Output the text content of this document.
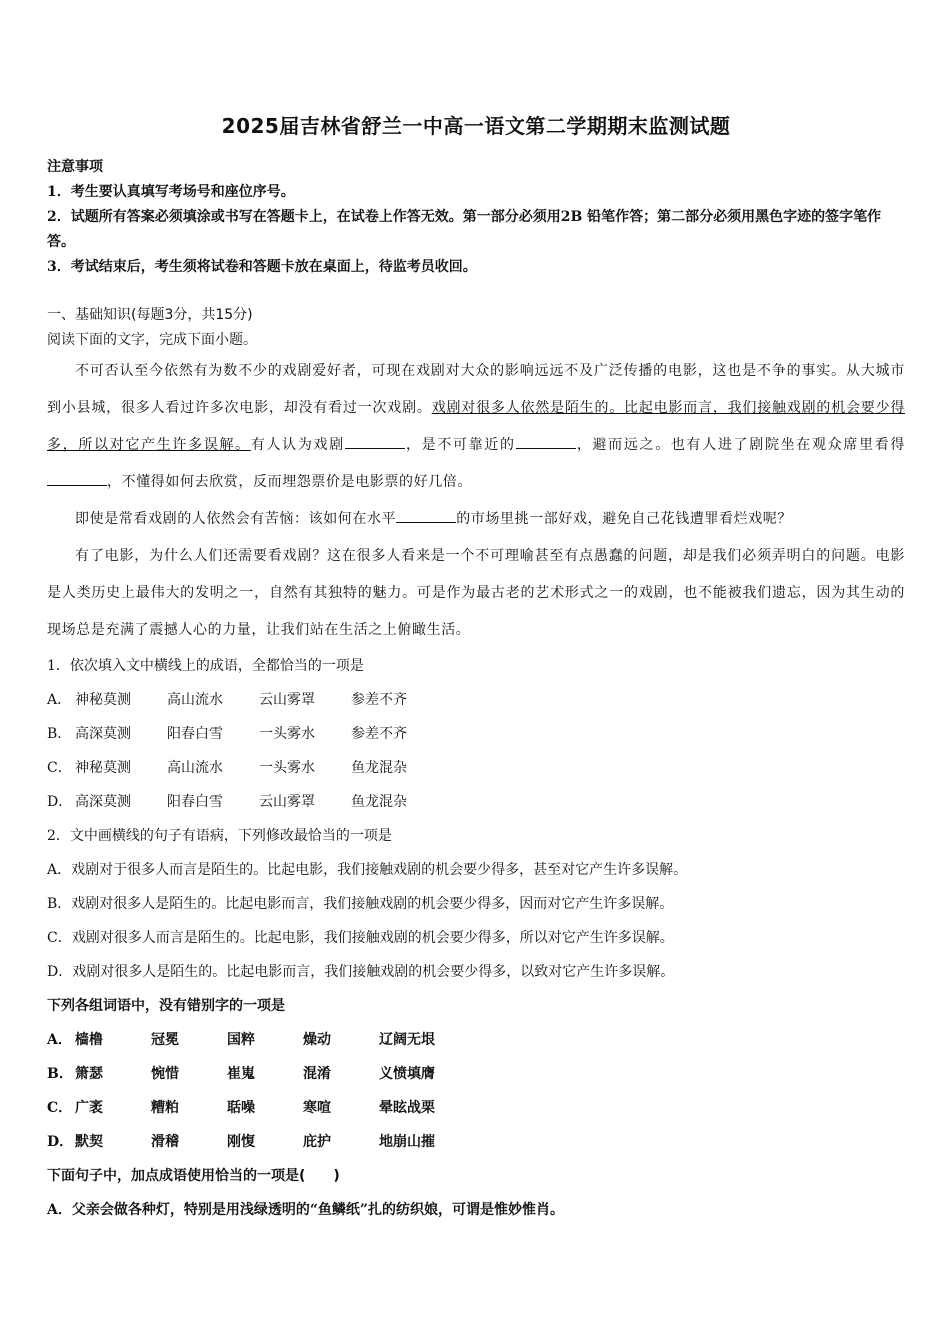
2025届吉林省舒兰一中高一语文第二学期期末监测试题
注意事项
1．考生要认真填写考场号和座位序号。
2．试题所有答案必须填涂或书写在答题卡上，在试卷上作答无效。第一部分必须用2B 铅笔作答；第二部分必须用黑色字迹的签字笔作答。
3．考试结束后，考生须将试卷和答题卡放在桌面上，待监考员收回。
一、基础知识(每题3分，共15分)
阅读下面的文字，完成下面小题。

不可否认至今依然有为数不少的戏剧爱好者，可现在戏剧对大众的影响远远不及广泛传播的电影，这也是不争的事实。从大城市到小县城，很多人看过许多次电影，却没有看过一次戏剧。戏剧对很多人依然是陌生的。比起电影而言，我们接触戏剧的机会要少得多，所以对它产生许多误解。有人认为戏剧	，是不可靠近的	，避而远之。也有人进了剧院坐在观众席里看得，不懂得如何去欣赏，反而埋怨票价是电影票的好几倍。

即使是常看戏剧的人依然会有苦恼：该如何在水平	的市场里挑一部好戏，避免自己花钱遭罪看烂戏呢？

有了电影，为什么人们还需要看戏剧？这在很多人看来是一个不可理喻甚至有点愚蠢的问题，却是我们必须弄明白的问题。电影是人类历史上最伟大的发明之一，自然有其独特的魅力。可是作为最古老的艺术形式之一的戏剧，也不能被我们遗忘，因为其生动的现场总是充满了震撼人心的力量，让我们站在生活之上俯瞰生活。

1．依次填入文中横线上的成语，全都恰当的一项是
A． 神秘莫测	高山流水	云山雾罩	参差不齐
B． 高深莫测	阳春白雪	一头雾水	参差不齐
C． 神秘莫测	高山流水	一头雾水	鱼龙混杂
D． 高深莫测	阳春白雪	云山雾罩	鱼龙混杂
2．文中画横线的句子有语病，下列修改最恰当的一项是
A．戏剧对于很多人而言是陌生的。比起电影，我们接触戏剧的机会要少得多，甚至对它产生许多误解。
B．戏剧对很多人是陌生的。比起电影而言，我们接触戏剧的机会要少得多，因而对它产生许多误解。
C．戏剧对很多人而言是陌生的。比起电影，我们接触戏剧的机会要少得多，所以对它产生许多误解。
D．戏剧对很多人是陌生的。比起电影而言，我们接触戏剧的机会要少得多，以致对它产生许多误解。
下列各组词语中，没有错别字的一项是
A． 樯橹	冠冕	国粹	燥动	辽阔无垠
B． 箫瑟	惋惜	崔嵬	混淆	义愤填膺
C． 广袤	糟粕	聒噪	寒喧	晕眩战栗
D． 默契	滑稽	刚愎	庇护	地崩山摧
下面句子中，加点成语使用恰当的一项是(　　)
A．父亲会做各种灯，特别是用浅绿透明的“鱼鳞纸”扎的纺织娘，可谓是惟妙惟肖。
